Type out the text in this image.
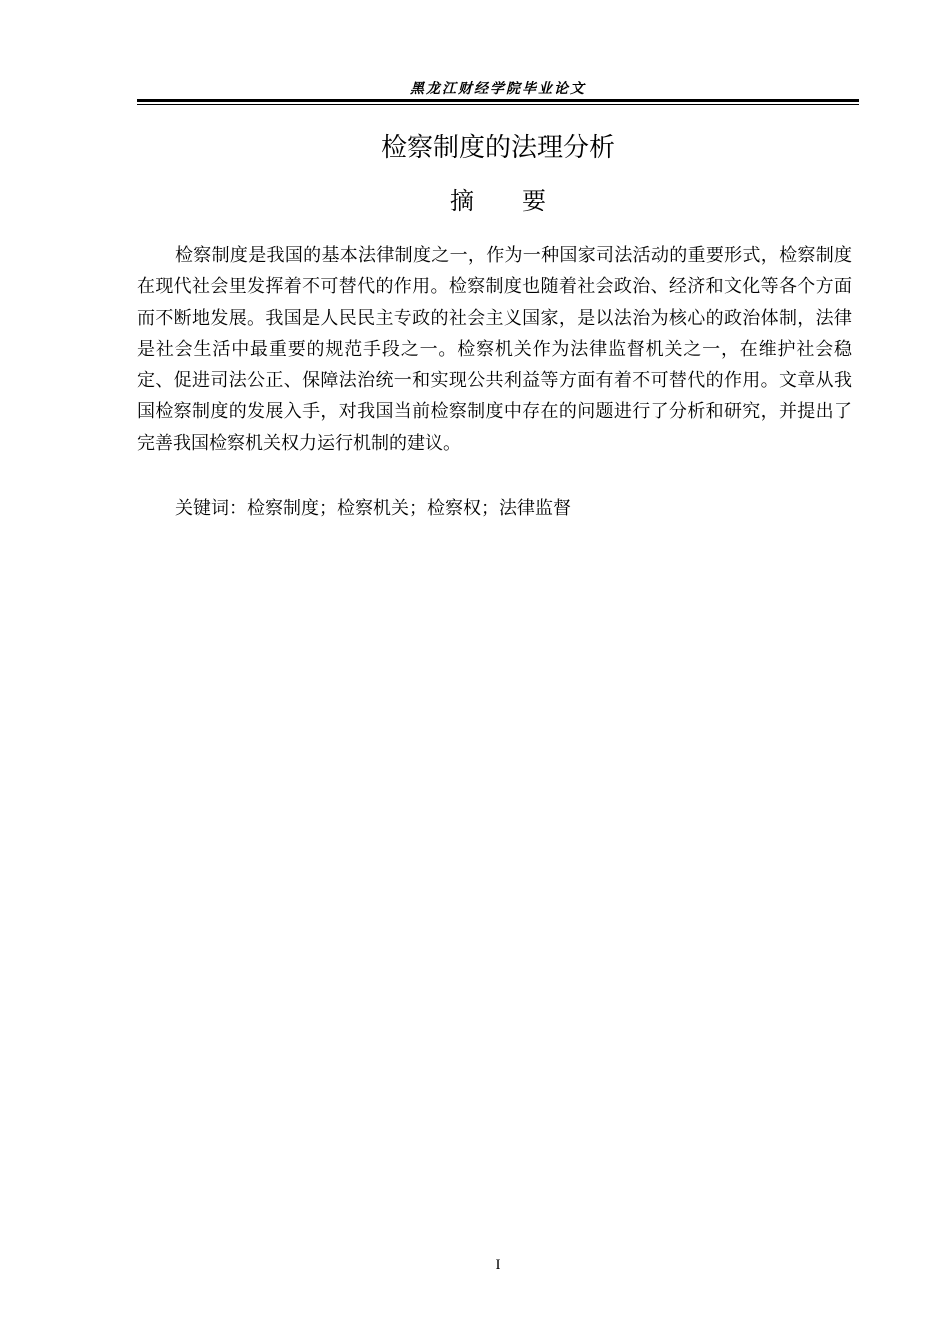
黑龙江财经学院毕业论文
检察制度的法理分析
摘要

检察制度是我国的基本法律制度之一，作为一种国家司法活动的重要形式，检察制度在现代社会里发挥着不可替代的作用。检察制度也随着社会政治、经济和文化等各个方面而不断地发展。我国是人民民主专政的社会主义国家，是以法治为核心的政治体制，法律是社会生活中最重要的规范手段之一。检察机关作为法律监督机关之一，在维护社会稳定、促进司法公正、保障法治统一和实现公共利益等方面有着不可替代的作用。文章从我国检察制度的发展入手，对我国当前检察制度中存在的问题进行了分析和研究，并提出了完善我国检察机关权力运行机制的建议。

关键词：检察制度；检察机关；检察权；法律监督
I
